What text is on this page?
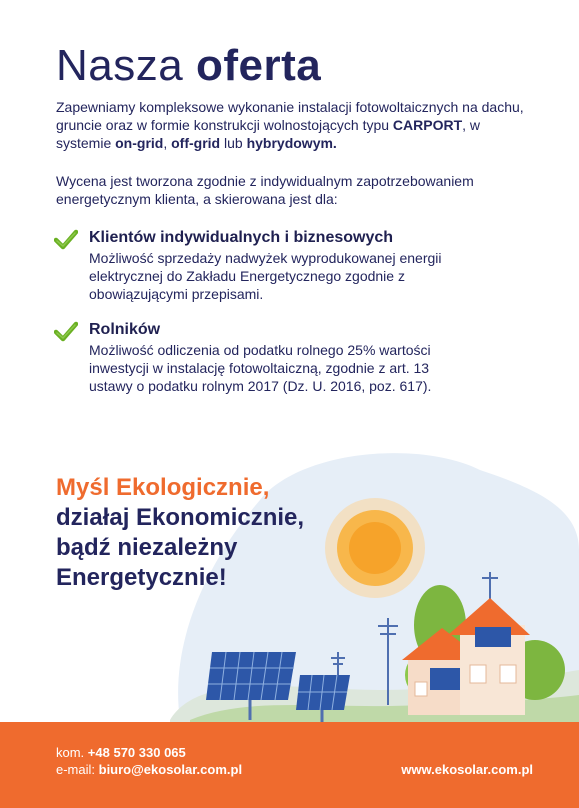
Nasza oferta
Zapewniamy kompleksowe wykonanie instalacji fotowoltaicznych na dachu, gruncie oraz w formie konstrukcji wolnostojących typu CARPORT, w systemie on-grid, off-grid lub hybrydowym.
Wycena jest tworzona zgodnie z indywidualnym zapotrzebowaniem energetycznym klienta, a skierowana jest dla:
Klientów indywidualnych i biznesowych
Możliwość sprzedaży nadwyżek wyprodukowanej energii elektrycznej do Zakładu Energetycznego zgodnie z obowiązującymi przepisami.
Rolników
Możliwość odliczenia od podatku rolnego 25% wartości inwestycji w instalację fotowoltaiczną, zgodnie z art. 13 ustawy o podatku rolnym 2017 (Dz. U. 2016, poz. 617).
Myśl Ekologicznie,
działaj Ekonomicznie,
bądź niezależny
Energetycznie!
kom. +48 570 330 065
e-mail: biuro@ekosolar.com.pl	www.ekosolar.com.pl
